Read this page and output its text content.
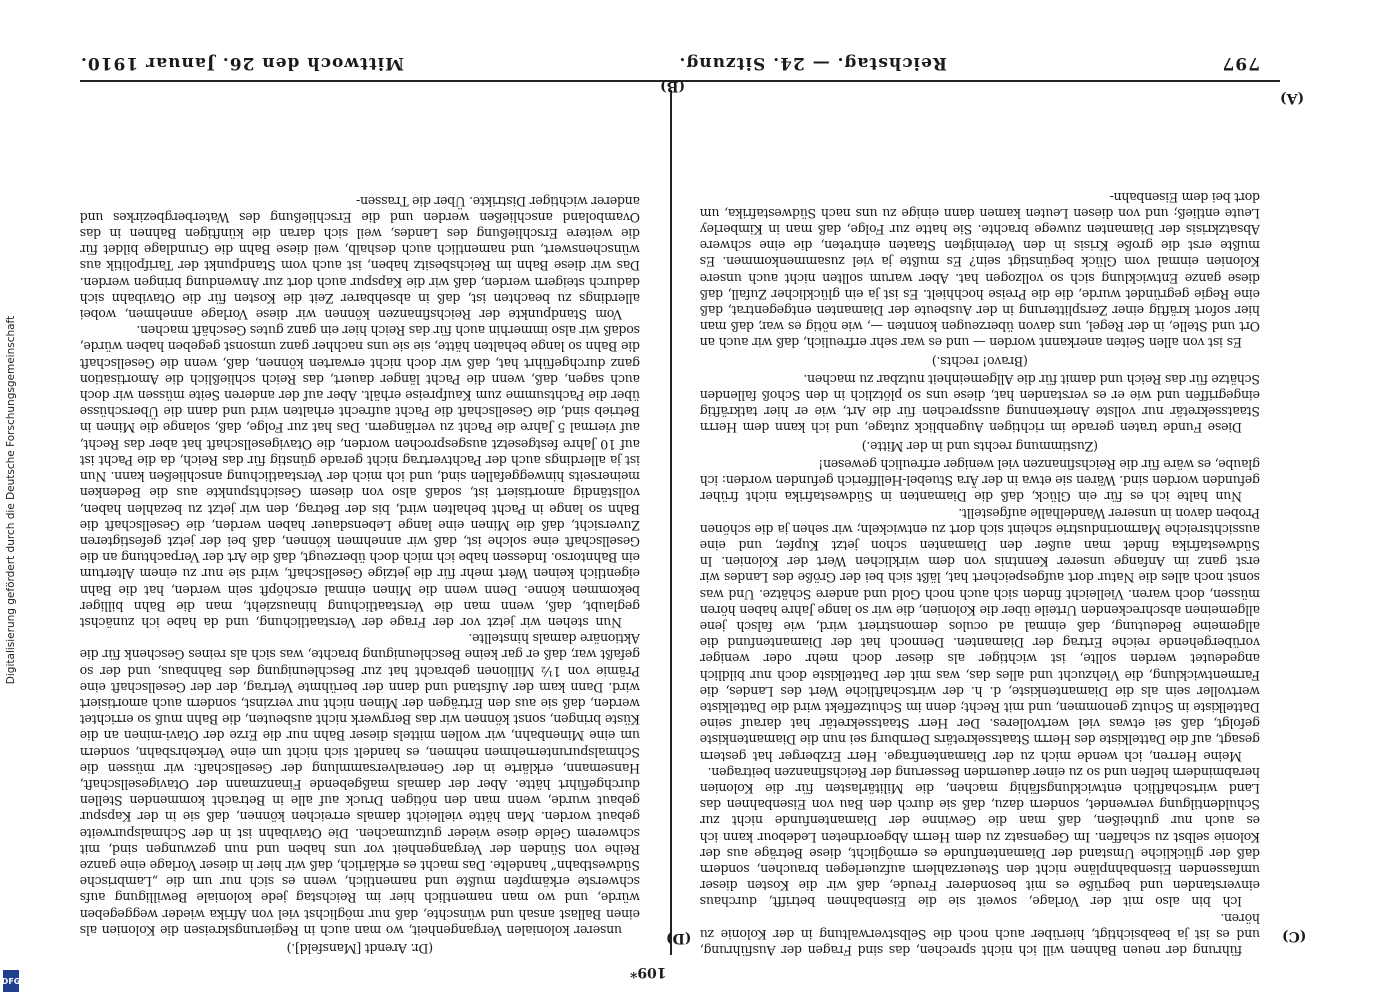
Digitalisierung gefördert durch die Deutsche Forschungsgemeinschaft
DFG
797
Reichstag. — 24. Sitzung.
Mittwoch den 26. Januar 1910.

(Dr. Arendt [Mansfeld].)

unserer kolonialen Vergangenheit, wo man auch in Regierungskreisen die Kolonien als einen Ballast ansah und wünschte, daß nur möglichst viel von Afrika wieder weggegeben würde, und wo man namentlich hier im Reichstag jede koloniale Bewilligung aufs schwerste erkämpfen mußte und namentlich, wenn es sich nur um die „Lambrische Südwestbahn“ handelte. Das macht es erklärlich, daß wir hier in dieser Vorlage eine ganze Reihe von Sünden der Vergangenheit vor uns haben und nun gezwungen sind, mit schwerem Gelde diese wieder gutzumachen. Die Otavibahn ist in der Schmalspurweite gebaut worden. Man hätte vielleicht damals erreichen können, daß sie in der Kapspur gebaut wurde, wenn man den nötigen Druck auf alle in Betracht kommenden Stellen durchgeführt hätte. Aber der damals maßgebende Finanzmann der Otavigesellschaft, Hansemann, erklärte in der Generalversammlung der Gesellschaft: wir müssen die Schmalspurunternehmen nehmen, es handelt sich nicht um eine Verkehrsbahn, sondern um eine Minenbahn, wir wollen mittels dieser Bahn nur die Erze der Otavi-minen an die Küste bringen, sonst können wir das Bergwerk nicht ausbeuten, die Bahn muß so errichtet werden, daß sie aus den Erträgen der Minen nicht nur verzinst, sondern auch amortisiert wird. Dann kam der Aufstand und dann der berühmte Vertrag, der der Gesellschaft eine Prämie von 1½ Millionen gebracht hat zur Beschleunigung des Bahnbaus, und der so gefaßt war, daß er gar keine Beschleunigung brachte, was sich als reines Geschenk für die Aktionäre damals hinstellte.

Nun stehen wir jetzt vor der Frage der Verstaatlichung, und da habe ich zunächst geglaubt, daß, wenn man die Verstaatlichung hinauszieht, man die Bahn billiger bekommen könne. Denn wenn die Minen einmal erschöpft sein werden, hat die Bahn eigentlich keinen Wert mehr für die jetzige Gesellschaft, wird sie nur zu einem Altertum ein Bahntorso. Indessen habe ich mich doch überzeugt, daß die Art der Verpachtung an die Gesellschaft eine solche ist, daß wir annehmen können, daß bei der jetzt gefestigteren Zuversicht, daß die Minen eine lange Lebensdauer haben werden, die Gesellschaft die Bahn so lange in Pacht behalten wird, bis der Betrag, den wir jetzt zu bezahlen haben, vollständig amortisiert ist, sodaß also von diesem Gesichtspunkte aus die Bedenken meinerseits hinweggefallen sind, und ich mich der Verstaatlichung anschließen kann. Nun ist ja allerdings auch der Pachtvertrag nicht gerade günstig für das Reich, da die Pacht ist auf 10 Jahre festgesetzt ausgesprochen worden, die Otavigesellschaft hat aber das Recht, auf viermal 5 Jahre die Pacht zu verlängern. Das hat zur Folge, daß, solange die Minen in Betrieb sind, die Gesellschaft die Pacht aufrecht erhalten wird und dann die Überschüsse über die Pachtsumme zum Kaufpreise erhält. Aber auf der anderen Seite müssen wir doch auch sagen, daß, wenn die Pacht länger dauert, das Reich schließlich die Amortisation ganz durchgeführt hat, daß wir doch nicht erwarten können, daß, wenn die Gesellschaft die Bahn so lange behalten hätte, sie sie uns nachher ganz umsonst gegeben haben würde, sodaß wir also immerhin auch für das Reich hier ein ganz gutes Geschäft machen.

Vom Standpunkte der Reichsfinanzen können wir diese Vorlage annehmen, wobei allerdings zu beachten ist, daß in absehbarer Zeit die Kosten für die Otavibahn sich dadurch steigern werden, daß wir die Kapspur auch dort zur Anwendung bringen werden. Das wir diese Bahn im Reichsbesitz haben, ist auch vom Standpunkt der Tarifpolitik aus wünschenswert, und namentlich auch deshalb, weil diese Bahn die Grundlage bildet für die weitere Erschließung des Landes, weil sich daran die künftigen Bahnen in das Ovamboland anschließen werden und die Erschließung des Waterbergbezirkes und anderer wichtiger Distrikte. Über die Trassen-

führung der neuen Bahnen will ich nicht sprechen, das sind Fragen der Ausführung, und es ist ja beabsichtigt, hierüber auch noch die Selbstverwaltung in der Kolonie zu hören.

Ich bin also mit der Vorlage, soweit sie die Eisenbahnen betrifft, durchaus einverstanden und begrüße es mit besonderer Freude, daß wir die Kosten dieser umfassenden Eisenbahnpläne nicht den Steuerzahlern aufzuerlegen brauchen, sondern daß der glückliche Umstand der Diamantenfunde es ermöglicht, diese Beträge aus der Kolonie selbst zu schaffen. Im Gegensatz zu dem Herrn Abgeordneten Ledebour kann ich es auch nur gutheißen, daß man die Gewinne der Diamantenfunde nicht zur Schuldentilgung verwendet, sondern dazu, daß sie durch den Bau von Eisenbahnen das Land wirtschaftlich entwicklungsfähig machen, die Militärlasten für die Kolonien herabmindern helfen und so zu einer dauernden Besserung der Reichsfinanzen beitragen.

Meine Herren, ich wende mich zu der Diamantenfrage. Herr Erzberger hat gestern gesagt, auf die Dattelkiste des Herrn Staatssekretärs Dernburg sei nun die Diamantenkiste gefolgt, daß sei etwas viel wertvolleres. Der Herr Staatssekretär hat darauf seine Dattelkiste in Schutz genommen, und mit Recht; denn im Schutzeffekt wird die Dattelkiste wertvoller sein als die Diamantenkiste, d. h. der wirtschaftliche Wert des Landes, die Farmentwicklung, die Viehzucht und alles das, was mit der Dattelkiste doch nur bildlich angedeutet werden sollte, ist wichtiger als dieser doch mehr oder weniger vorübergehende reiche Ertrag der Diamanten. Dennoch hat der Diamantenfund die allgemeine Bedeutung, daß einmal ad oculos demonstriert wird, wie falsch jene allgemeinen abschreckenden Urteile über die Kolonien, die wir so lange Jahre haben hören müssen, doch waren. Vielleicht finden sich auch noch Gold und andere Schätze. Und was sonst noch alles die Natur dort aufgespeichert hat, läßt sich bei der Größe des Landes wir erst ganz im Anfange unserer Kenntnis von dem wirklichen Wert der Kolonien. In Südwestafrika findet man außer den Diamanten schon jetzt Kupfer, und eine aussichtsreiche Marmorindustrie scheint sich dort zu entwickeln; wir sehen ja die schönen Proben davon in unserer Wandelhalle aufgestellt.

Nun halte ich es für ein Glück, daß die Diamanten in Südwestafrika nicht früher gefunden worden sind. Wären sie etwa in der Ära Stuebel-Hellfferich gefunden worden: ich glaube, es wäre für die Reichsfinanzen viel weniger erfreulich gewesen!

(Zustimmung rechts und in der Mitte.)

Diese Funde traten gerade im richtigen Augenblick zutage, und ich kann dem Herrn Staatssekretär nur vollste Anerkennung aussprechen für die Art, wie er hier tatkräftig eingegriffen und wie er es verstanden hat, diese uns so plötzlich in den Schoß fallenden Schätze für das Reich und damit für die Allgemeinheit nutzbar zu machen.

(Bravo! rechts.)

Es ist von allen Seiten anerkannt worden — und es war sehr erfreulich, daß wir auch an Ort und Stelle, in der Regel, uns davon überzeugen konnten —, wie nötig es war, daß man hier sofort kräftig einer Zersplitterung in der Ausbeute der Diamanten entgegentrat, daß eine Regie gegründet wurde, die die Preise hochhielt. Es ist ja ein glücklicher Zufall, daß diese ganze Entwicklung sich so vollzogen hat. Aber warum sollten nicht auch unsere Kolonien einmal vom Glück begünstigt sein? Es mußte ja viel zusammenkommen. Es mußte erst die große Krisis in den Vereinigten Staaten eintreten, die eine schwere Absatzkrisis der Diamanten zuwege brachte. Sie hatte zur Folge, daß man in Kimberley Leute entließ; und von diesen Leuten kamen dann einige zu uns nach Südwestafrika, um dort bei dem Eisenbahn-

(A)
(B)
(C)
(D)
109*
